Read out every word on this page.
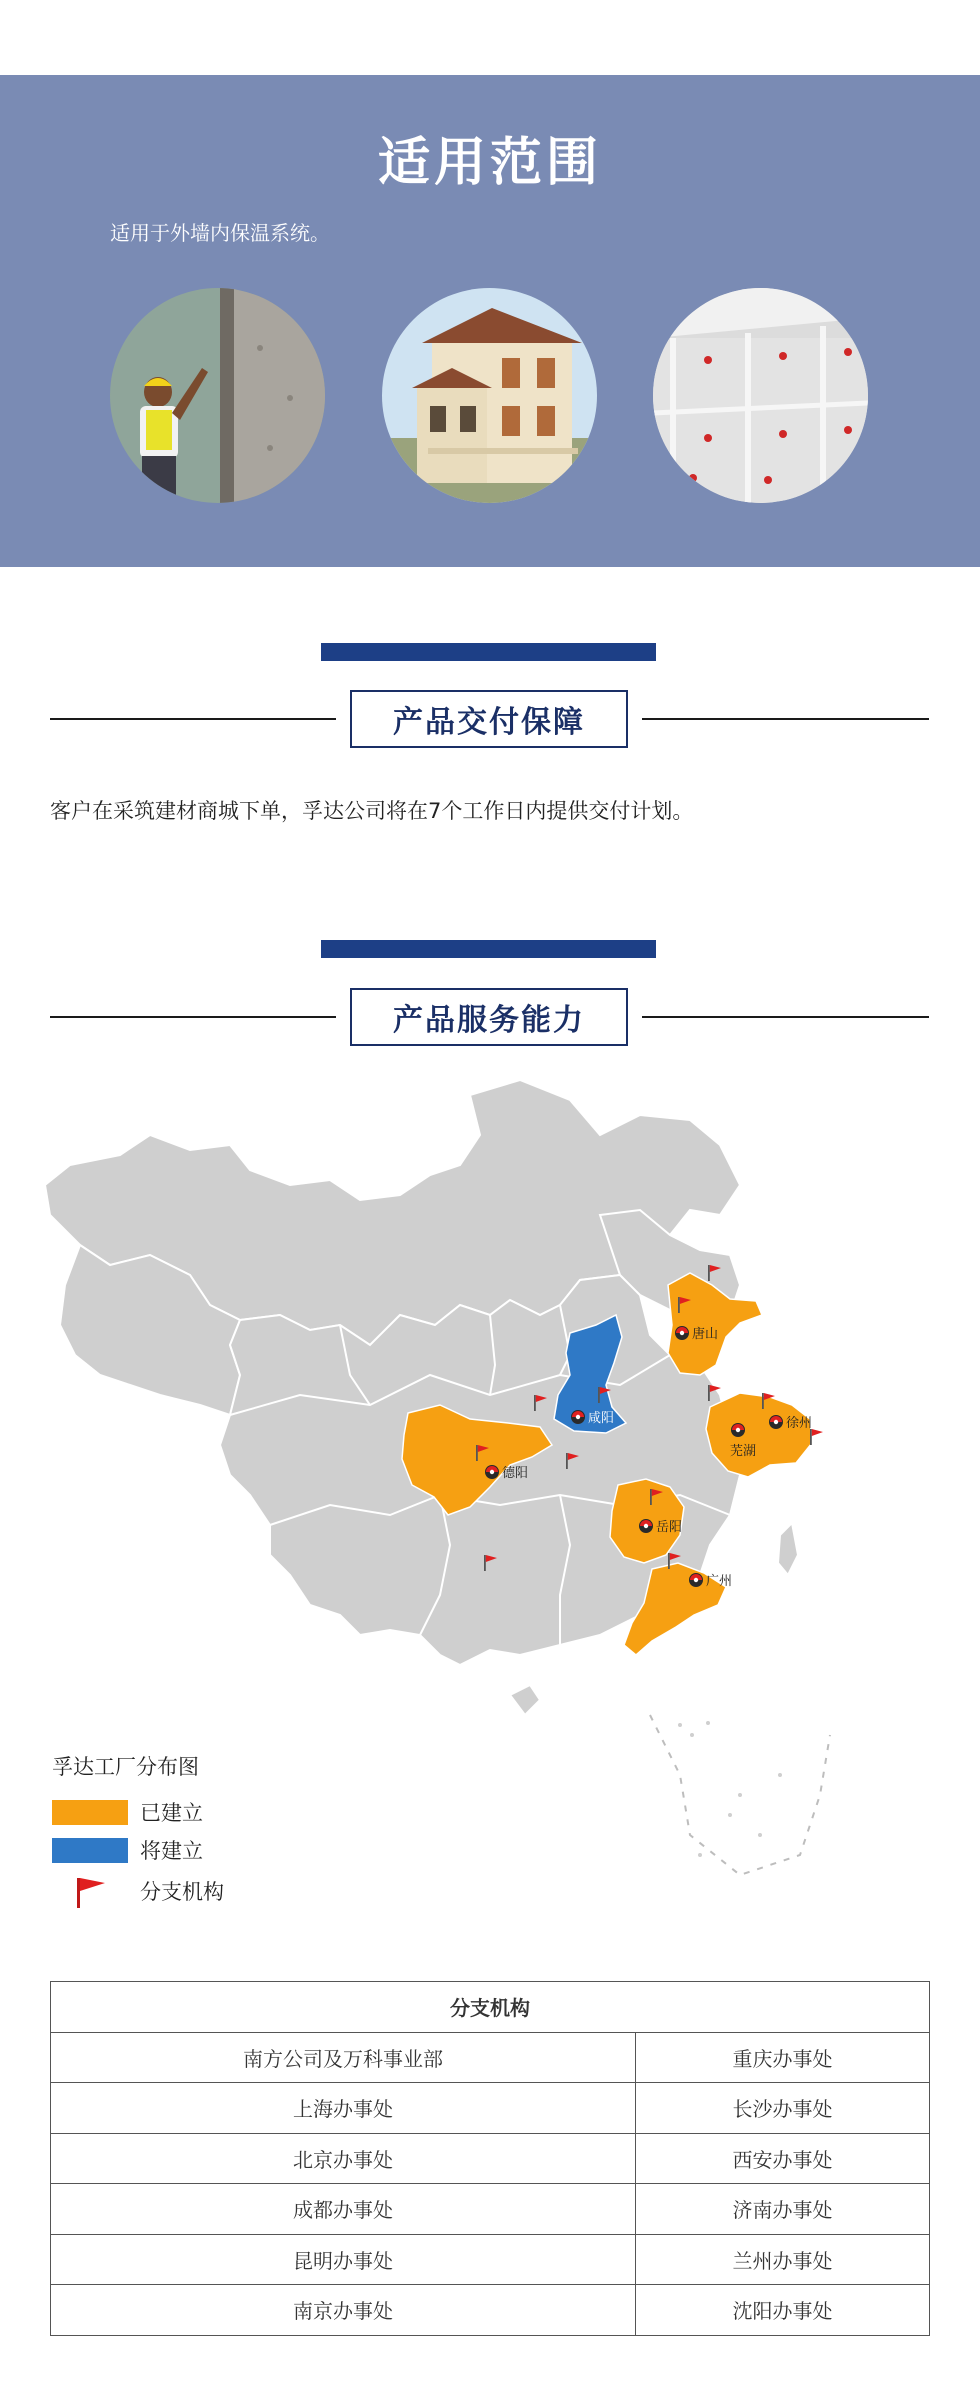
适用范围
适用于外墙内保温系统。
产品交付保障
客户在采筑建材商城下单，孚达公司将在7个工作日内提供交付计划。
产品服务能力
唐山
徐州
芜湖
咸阳
德阳
岳阳
广州
孚达工厂分布图
已建立
将建立
分支机构
分支机构	
南方公司及万科事业部	重庆办事处
上海办事处	长沙办事处
北京办事处	西安办事处
成都办事处	济南办事处
昆明办事处	兰州办事处
南京办事处	沈阳办事处
